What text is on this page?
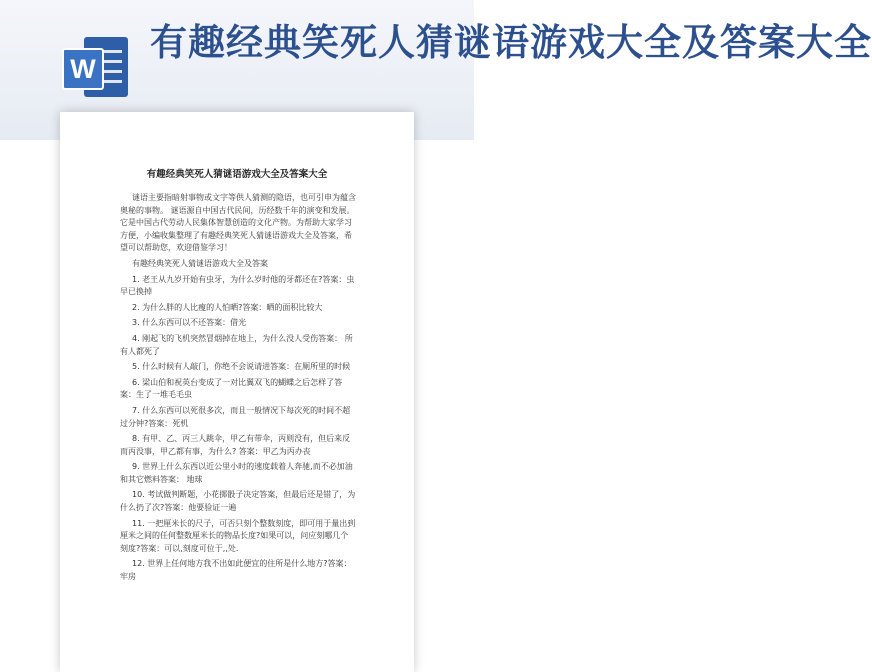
W
有趣经典笑死人猜谜语游戏大全及答案大全
有趣经典笑死人猜谜语游戏大全及答案大全

谜语主要指暗射事物或文字等供人猜测的隐语，也可引申为蕴含奥秘的事物。 谜语源自中国古代民间，历经数千年的演变和发展。它是中国古代劳动人民集体智慧创造的文化产物。为帮助大家学习方便，小编收集整理了有趣经典笑死人猜谜语游戏大全及答案，希望可以帮助您，欢迎借鉴学习！

有趣经典笑死人猜谜语游戏大全及答案

1. 老王从九岁开始有虫牙，为什么岁时他的牙都还在?答案：虫早已换掉

2. 为什么胖的人比瘦的人怕晒?答案：晒的面积比较大

3. 什么东西可以不还答案：借光

4. 刚起飞的飞机突然冒烟掉在地上，为什么没人受伤答案： 所有人都死了

5. 什么时候有人敲门，你绝不会说请进答案：在厕所里的时候

6. 梁山伯和祝英台变成了一对比翼双飞的蝴蝶之后怎样了答案：生了一堆毛毛虫

7. 什么东西可以死很多次，而且一般情况下每次死的时间不超过分钟?答案：死机

8. 有甲、乙、丙三人跳伞，甲乙有带伞，丙则没有，但后来反而丙没事，甲乙都有事，为什么? 答案：甲乙为丙办丧

9. 世界上什么东西以近公里小时的速度载着人奔驰,而不必加油和其它燃料答案： 地球

10. 考试做判断题，小花掷骰子决定答案，但最后还是错了，为什么扔了次?答案：他要验证一遍

11. 一把厘米长的尺子，可否只刻个整数刻度，即可用于量出到厘米之间的任何整数厘米长的物品长度?如果可以，问应刻哪几个刻度?答案：可以,刻度可位于,,处.

12. 世界上任何地方我不出如此便宜的住所是什么地方?答案： 牢房
